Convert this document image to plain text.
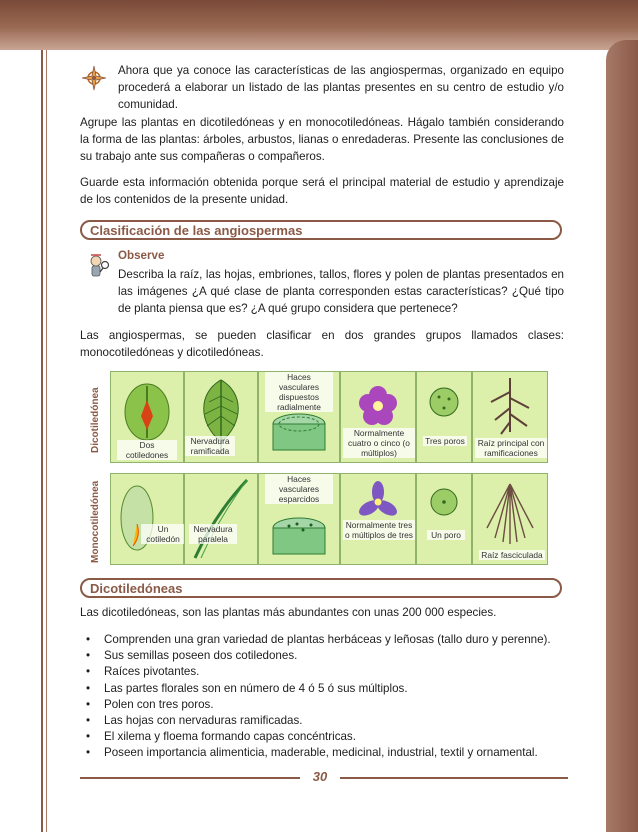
Ahora que ya conoce las características de las angiospermas, organizado en equipo procederá a elaborar un listado de las plantas presentes en su centro de estudio y/o comunidad.

Agrupe las plantas en dicotiledóneas y en monocotiledóneas. Hágalo también considerando la forma de las plantas: árboles, arbustos, lianas o enredaderas. Presente las conclusiones de su trabajo ante sus compañeras o compañeros.

Guarde esta información obtenida porque será el principal material de estudio y aprendizaje de los contenidos de la presente unidad.

Clasificación de las angiospermas
Observe

Describa la raíz, las hojas, embriones, tallos, flores y polen de plantas presentados en las imágenes ¿A qué clase de planta corresponden estas características? ¿Qué tipo de planta piensa que es? ¿A qué grupo considera que pertenece?

Las angiospermas, se pueden clasificar en dos grandes grupos llamados clases: monocotiledóneas y dicotiledóneas.

Dicotiledónea
Monocotiledónea
Dos cotiledones
Nervadura ramificada
Haces vasculares dispuestos radialmente
Normalmente cuatro o cinco (o múltiplos)
Tres poros	Raíz principal con ramificaciones
Un cotiledón
Nervadura paralela
Haces vasculares esparcidos
Normalmente tres o múltiplos de tres	Un poro
Raíz fasciculada
Dicotiledóneas

Las dicotiledóneas, son las plantas más abundantes con unas 200 000 especies.

• Comprenden una gran variedad de plantas herbáceas y leñosas (tallo duro y perenne).
• Sus semillas poseen dos cotiledones.
• Raíces pivotantes.
• Las partes florales son en número de 4 ó 5 ó sus múltiplos.
• Polen con tres poros.
• Las hojas con nervaduras ramificadas.
• El xilema y floema formando capas concéntricas.
• Poseen importancia alimenticia, maderable, medicinal, industrial, textil y ornamental.
30
